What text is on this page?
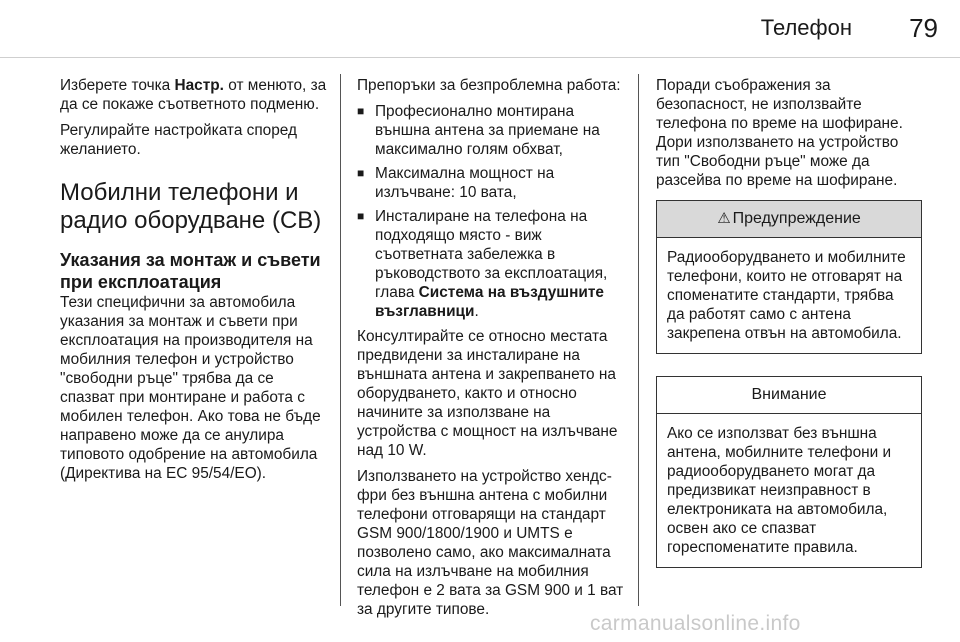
Телефон 79

Изберете точка Настр. от менюто, за да се покаже съответното подменю.

Регулирайте настройката според желанието.

Мобилни телефони и радио оборудване (CB)
Указания за монтаж и съвети при експлоатация

Тези специфични за автомобила указания за монтаж и съвети при експлоатация на производителя на мобилния телефон и устройство "свободни ръце" трябва да се спазват при монтиране и работа с мобилен телефон. Ако това не бъде направено може да се анулира типовото одобрение на автомобила (Директива на ЕС 95/54/ЕО).

Препоръки за безпроблемна работа:

■ Професионално монтирана външна антена за приемане на максимално голям обхват,
■ Максимална мощност на излъчване: 10 вата,
■ Инсталиране на телефона на подходящо място - виж съответната забележка в ръководството за експлоатация, глава Система на въздушните възглавници.

Консултирайте се относно местата предвидени за инсталиране на външната антена и закрепването на оборудването, както и относно начините за използване на устройства с мощност на излъчване над 10 W.

Използването на устройство хендс-фри без външна антена с мобилни телефони отговарящи на стандарт GSM 900/1800/1900 и UMTS е позволено само, ако максималната сила на излъчване на мобилния телефон е 2 вата за GSM 900 и 1 ват за другите типове.

Поради съображения за безопасност, не използвайте телефона по време на шофиране. Дори използването на устройство тип "Свободни ръце" може да разсейва по време на шофиране.

⚠ Предупреждение
Радиооборудването и мобилните телефони, които не отговарят на споменатите стандарти, трябва да работят само с антена закрепена отвън на автомобила.
Внимание
Ако се използват без външна антена, мобилните телефони и радиооборудването могат да предизвикат неизправност в електрониката на автомобила, освен ако се спазват гореспоменатите правила.
carmanualsonline.info
